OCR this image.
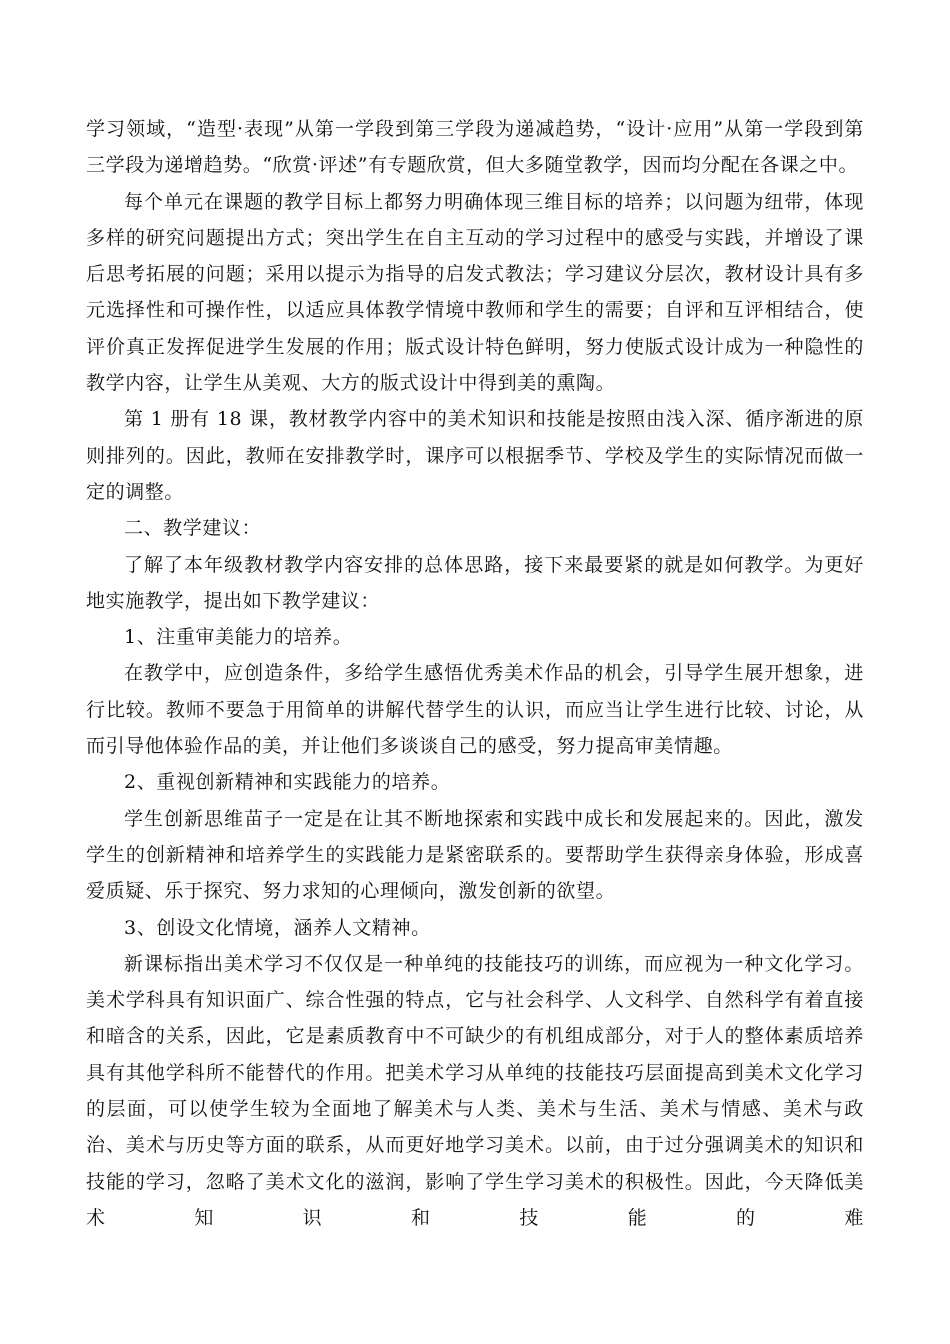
学习领域，“造型·表现”从第一学段到第三学段为递减趋势，“设计·应用”从第一学段到第三学段为递增趋势。“欣赏·评述”有专题欣赏，但大多随堂教学，因而均分配在各课之中。

每个单元在课题的教学目标上都努力明确体现三维目标的培养；以问题为纽带，体现多样的研究问题提出方式；突出学生在自主互动的学习过程中的感受与实践，并增设了课后思考拓展的问题；采用以提示为指导的启发式教法；学习建议分层次，教材设计具有多元选择性和可操作性，以适应具体教学情境中教师和学生的需要；自评和互评相结合，使评价真正发挥促进学生发展的作用；版式设计特色鲜明，努力使版式设计成为一种隐性的教学内容，让学生从美观、大方的版式设计中得到美的熏陶。

第 1 册有 18 课，教材教学内容中的美术知识和技能是按照由浅入深、循序渐进的原则排列的。因此，教师在安排教学时，课序可以根据季节、学校及学生的实际情况而做一定的调整。

二、教学建议：

了解了本年级教材教学内容安排的总体思路，接下来最要紧的就是如何教学。为更好地实施教学，提出如下教学建议：

1、注重审美能力的培养。

在教学中，应创造条件，多给学生感悟优秀美术作品的机会，引导学生展开想象，进行比较。教师不要急于用简单的讲解代替学生的认识，而应当让学生进行比较、讨论，从而引导他体验作品的美，并让他们多谈谈自己的感受，努力提高审美情趣。

2、重视创新精神和实践能力的培养。

学生创新思维苗子一定是在让其不断地探索和实践中成长和发展起来的。因此，激发学生的创新精神和培养学生的实践能力是紧密联系的。要帮助学生获得亲身体验，形成喜爱质疑、乐于探究、努力求知的心理倾向，激发创新的欲望。

3、创设文化情境，涵养人文精神。

新课标指出美术学习不仅仅是一种单纯的技能技巧的训练，而应视为一种文化学习。美术学科具有知识面广、综合性强的特点，它与社会科学、人文科学、自然科学有着直接和暗含的关系，因此，它是素质教育中不可缺少的有机组成部分，对于人的整体素质培养具有其他学科所不能替代的作用。把美术学习从单纯的技能技巧层面提高到美术文化学习的层面，可以使学生较为全面地了解美术与人类、美术与生活、美术与情感、美术与政治、美术与历史等方面的联系，从而更好地学习美术。以前，由于过分强调美术的知识和技能的学习，忽略了美术文化的滋润，影响了学生学习美术的积极性。因此，今天降低美术知识和技能的难
